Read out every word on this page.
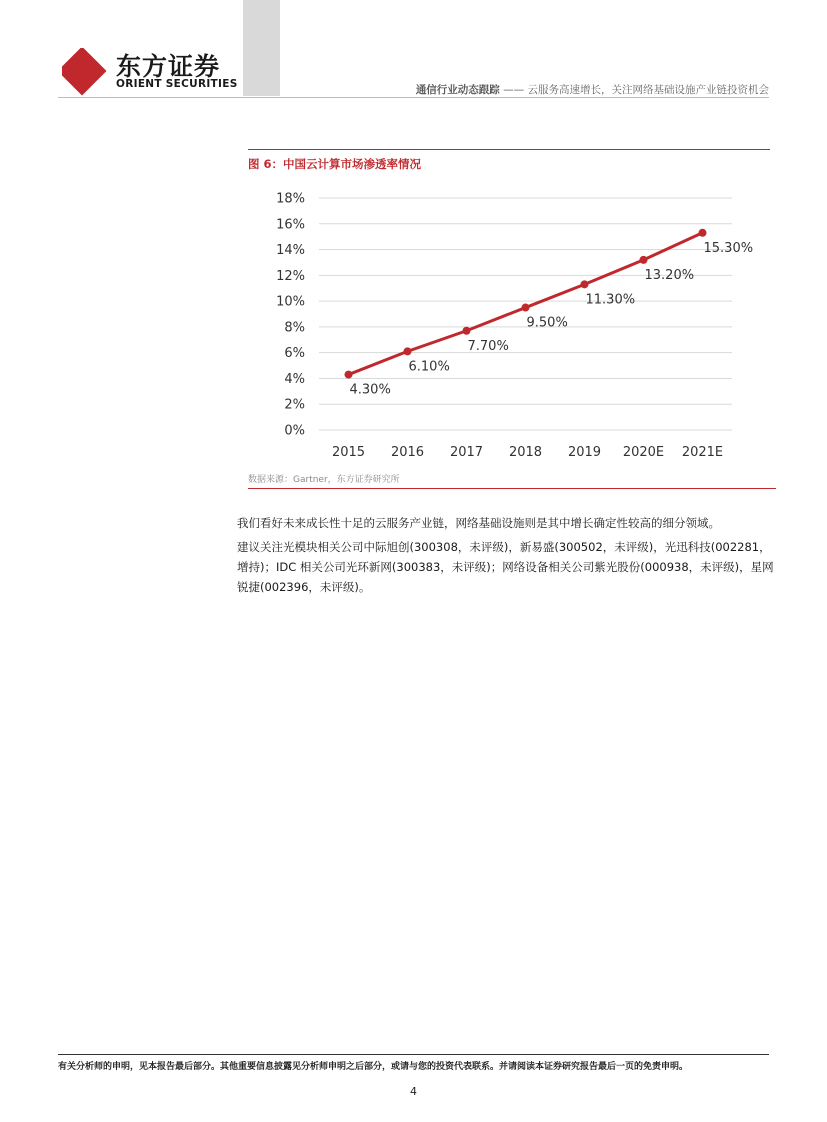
东方证券
ORIENT SECURITIES	通信行业动态跟踪 —— 云服务高速增长，关注网络基础设施产业链投资机会
图 6：中国云计算市场渗透率情况
0%
2%
4%
6%
8%
10%
12%
14%
16%
18%
2015 2016 2017 2018 2019 2020E 2021E
4.30%
6.10%
7.70%
9.50%
11.30%
13.20%
15.30%
数据来源：Gartner，东方证券研究所
我们看好未来成长性十足的云服务产业链，网络基础设施则是其中增长确定性较高的细分领域。
建议关注光模块相关公司中际旭创(300308，未评级)，新易盛(300502，未评级)，光迅科技(002281，增持)；IDC 相关公司光环新网(300383，未评级)；网络设备相关公司紫光股份(000938，未评级)，星网锐捷(002396，未评级)。
有关分析师的申明，见本报告最后部分。其他重要信息披露见分析师申明之后部分，或请与您的投资代表联系。并请阅读本证券研究报告最后一页的免责申明。
4
